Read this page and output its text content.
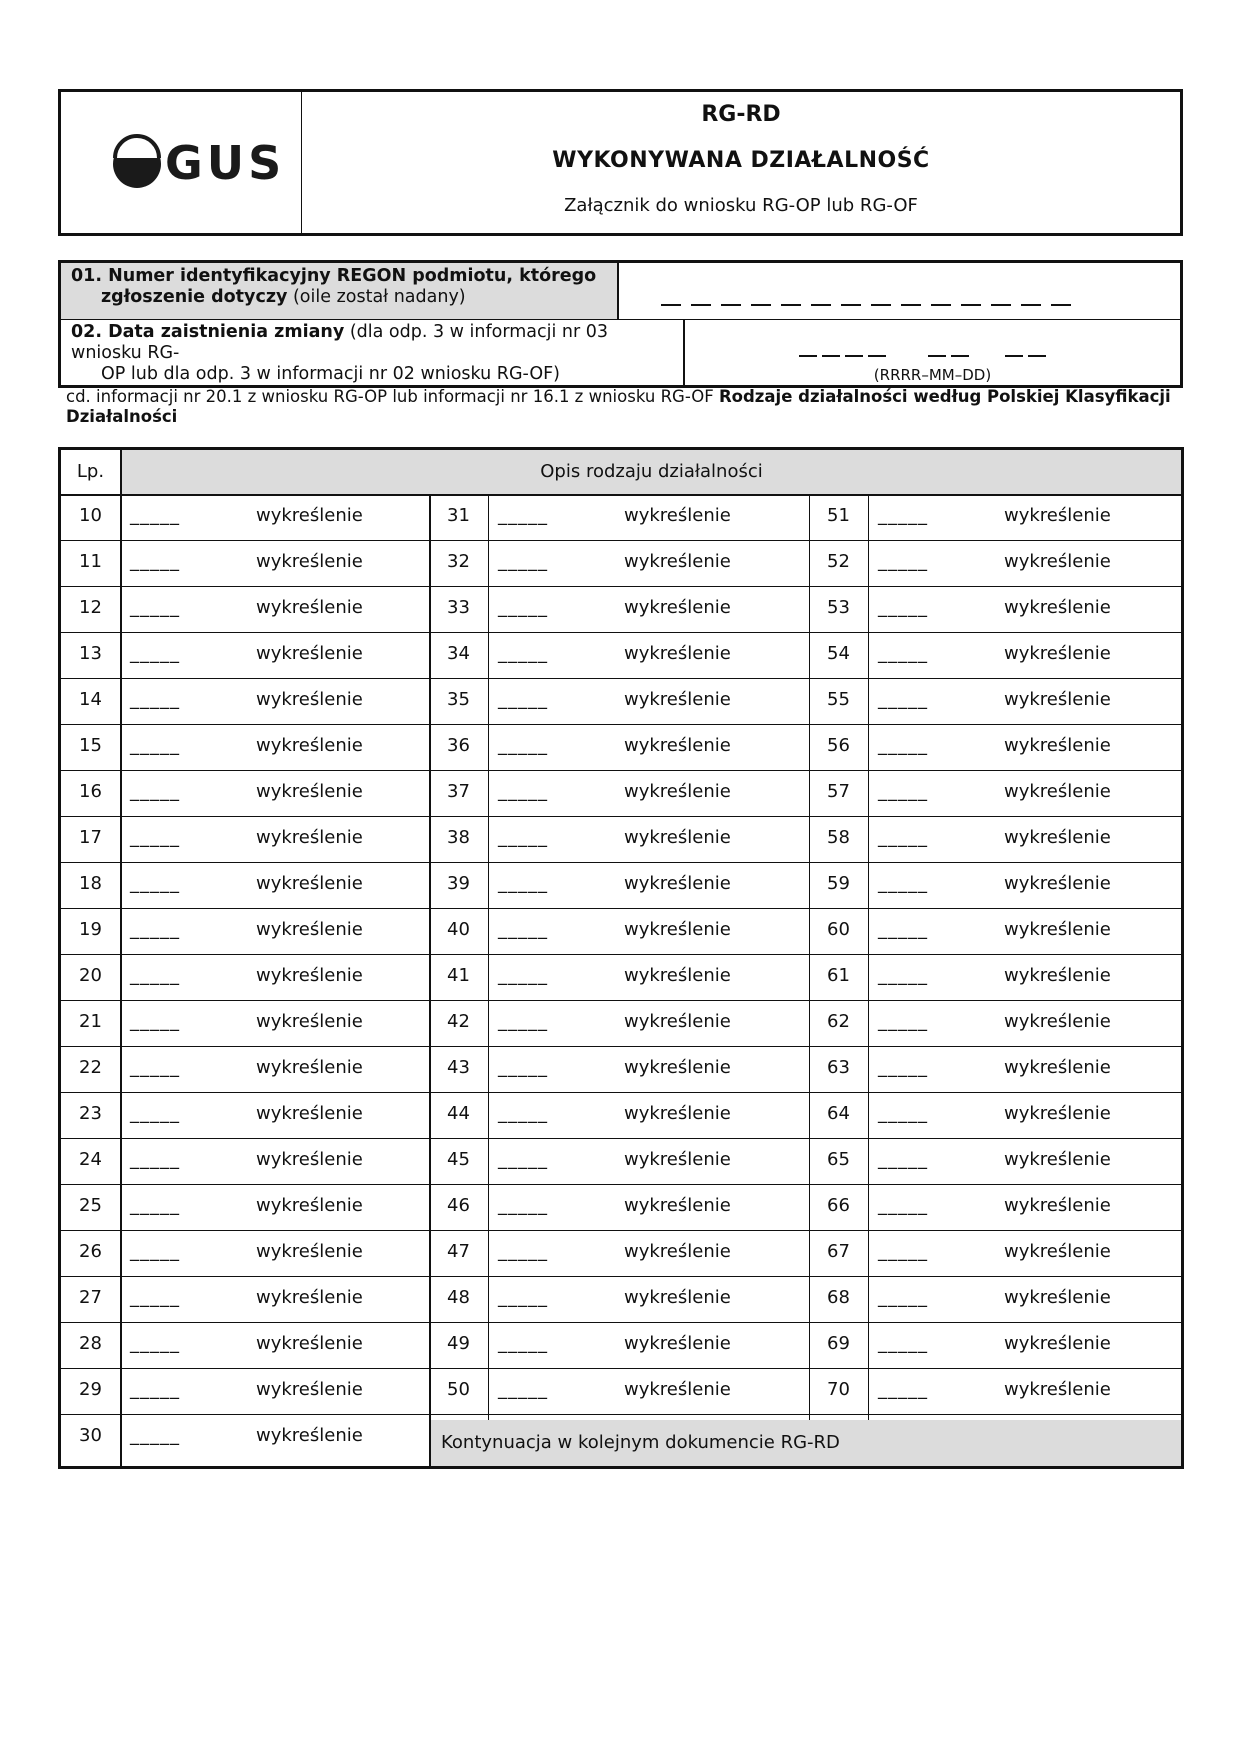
GUS
RG-RD
WYKONYWANA DZIAŁALNOŚĆ
Załącznik do wniosku RG-OP lub RG-OF
01. Numer identyfikacyjny REGON podmiotu, którego

zgłoszenie dotyczy (oile został nadany)
02. Data zaistnienia zmiany (dla odp. 3 w informacji nr 03 wniosku RG-

OP lub dla odp. 3 w informacji nr 02 wniosku RG-OF)	(RRRR–MM–DD)
cd. informacji nr 20.1 z wniosku RG-OP lub informacji nr 16.1 z wniosku RG-OF Rodzaje działalności według Polskiej Klasyfikacji Działalności
Lp.	Opis rodzaju działalności
10	_____	wykreślenie	31	_____	wykreślenie	51	_____	wykreślenie
11	_____	wykreślenie	32	_____	wykreślenie	52	_____	wykreślenie
12	_____	wykreślenie	33	_____	wykreślenie	53	_____	wykreślenie
13	_____	wykreślenie	34	_____	wykreślenie	54	_____	wykreślenie
14	_____	wykreślenie	35	_____	wykreślenie	55	_____	wykreślenie
15	_____	wykreślenie	36	_____	wykreślenie	56	_____	wykreślenie
16	_____	wykreślenie	37	_____	wykreślenie	57	_____	wykreślenie
17	_____	wykreślenie	38	_____	wykreślenie	58	_____	wykreślenie
18	_____	wykreślenie	39	_____	wykreślenie	59	_____	wykreślenie
19	_____	wykreślenie	40	_____	wykreślenie	60	_____	wykreślenie
20	_____	wykreślenie	41	_____	wykreślenie	61	_____	wykreślenie
21	_____	wykreślenie	42	_____	wykreślenie	62	_____	wykreślenie
22	_____	wykreślenie	43	_____	wykreślenie	63	_____	wykreślenie
23	_____	wykreślenie	44	_____	wykreślenie	64	_____	wykreślenie
24	_____	wykreślenie	45	_____	wykreślenie	65	_____	wykreślenie
25	_____	wykreślenie	46	_____	wykreślenie	66	_____	wykreślenie
26	_____	wykreślenie	47	_____	wykreślenie	67	_____	wykreślenie
27	_____	wykreślenie	48	_____	wykreślenie	68	_____	wykreślenie
28	_____	wykreślenie	49	_____	wykreślenie	69	_____	wykreślenie
29	_____	wykreślenie	50	_____	wykreślenie	70	_____	wykreślenie
30	_____	wykreślenie	Kontynuacja w kolejnym dokumencie RG-RD
